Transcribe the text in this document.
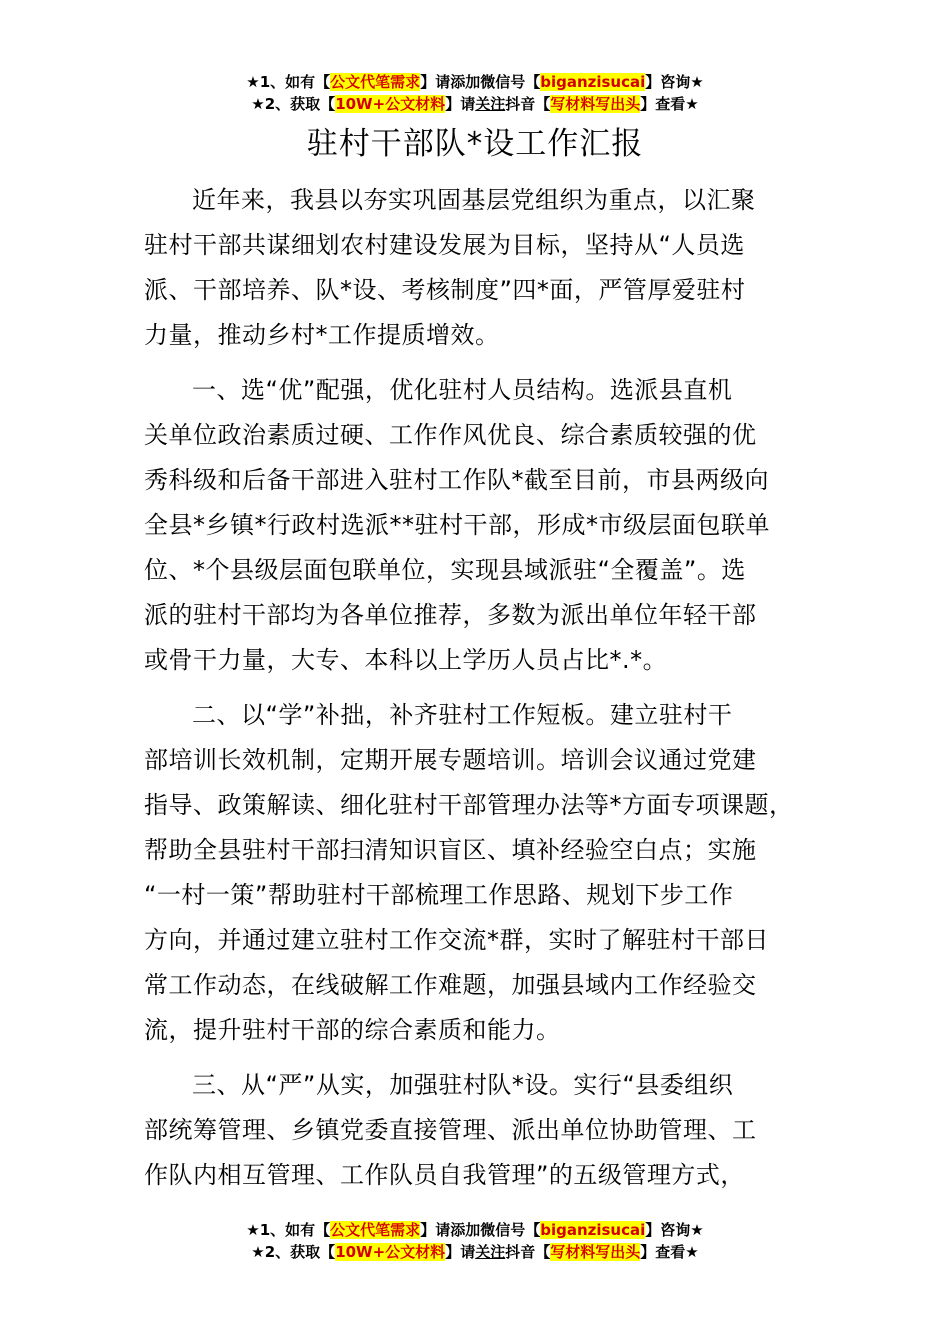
★1、如有【公文代笔需求】请添加微信号【biganzisucai】咨询★
★2、获取【10W+公文材料】请关注抖音【写材料写出头】查看★
驻村干部队*设工作汇报
近年来，我县以夯实巩固基层党组织为重点，以汇聚
驻村干部共谋细划农村建设发展为目标，坚持从“人员选
派、干部培养、队*设、考核制度”四*面，严管厚爱驻村
力量，推动乡村*工作提质增效。
一、选“优”配强，优化驻村人员结构。选派县直机
关单位政治素质过硬、工作作风优良、综合素质较强的优
秀科级和后备干部进入驻村工作队*截至目前，市县两级向
全县*乡镇*行政村选派**驻村干部，形成*市级层面包联单
位、*个县级层面包联单位，实现县域派驻“全覆盖”。选
派的驻村干部均为各单位推荐，多数为派出单位年轻干部
或骨干力量，大专、本科以上学历人员占比*.*。
二、以“学”补拙，补齐驻村工作短板。建立驻村干
部培训长效机制，定期开展专题培训。培训会议通过党建
指导、政策解读、细化驻村干部管理办法等*方面专项课题，
帮助全县驻村干部扫清知识盲区、填补经验空白点；实施
“一村一策”帮助驻村干部梳理工作思路、规划下步工作
方向，并通过建立驻村工作交流*群，实时了解驻村干部日
常工作动态，在线破解工作难题，加强县域内工作经验交
流，提升驻村干部的综合素质和能力。
三、从“严”从实，加强驻村队*设。实行“县委组织
部统筹管理、乡镇党委直接管理、派出单位协助管理、工
作队内相互管理、工作队员自我管理”的五级管理方式，
★1、如有【公文代笔需求】请添加微信号【biganzisucai】咨询★
★2、获取【10W+公文材料】请关注抖音【写材料写出头】查看★
